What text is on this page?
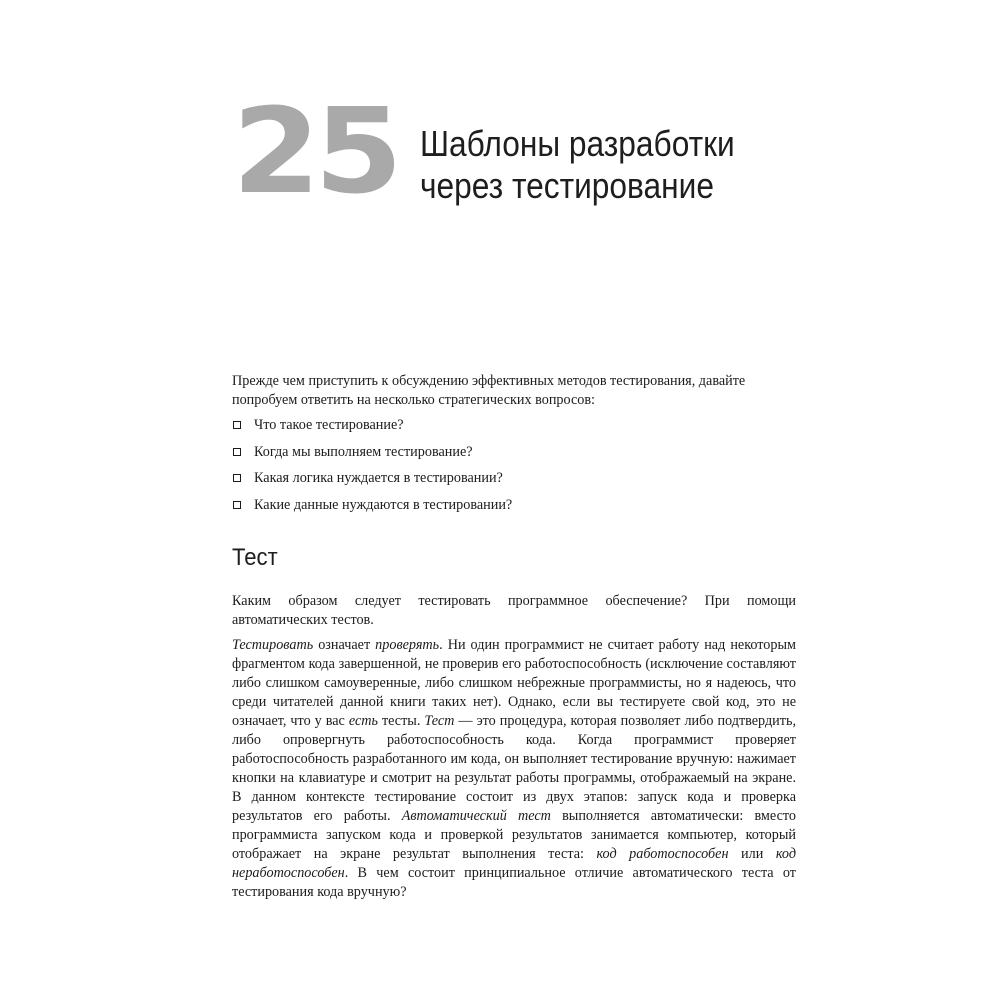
25 Шаблоны разработки
через тестирование

Прежде чем приступить к обсуждению эффективных методов тестирования, давайте попробуем ответить на несколько стратегических вопросов:

Что такое тестирование?
Когда мы выполняем тестирование?
Какая логика нуждается в тестировании?
Какие данные нуждаются в тестировании?
Тест

Каким образом следует тестировать программное обеспечение? При помощи автоматических тестов.

Тестировать означает проверять. Ни один программист не считает работу над некоторым фрагментом кода завершенной, не проверив его работоспособность (исключение составляют либо слишком самоуверенные, либо слишком небрежные программисты, но я надеюсь, что среди читателей данной книги таких нет). Однако, если вы тестируете свой код, это не означает, что у вас есть тесты. Тест — это процедура, которая позволяет либо подтвердить, либо опровергнуть работоспособность кода. Когда программист проверяет работоспособность разработанного им кода, он выполняет тестирование вручную: нажимает кнопки на клавиатуре и смотрит на результат работы программы, отображаемый на экране. В данном контексте тестирование состоит из двух этапов: запуск кода и проверка результатов его работы. Автоматический тест выполняется автоматически: вместо программиста запуском кода и проверкой результатов занимается компьютер, который отображает на экране результат выполнения теста: код работоспособен или код неработоспособен. В чем состоит принципиальное отличие автоматического теста от тестирования кода вручную?
